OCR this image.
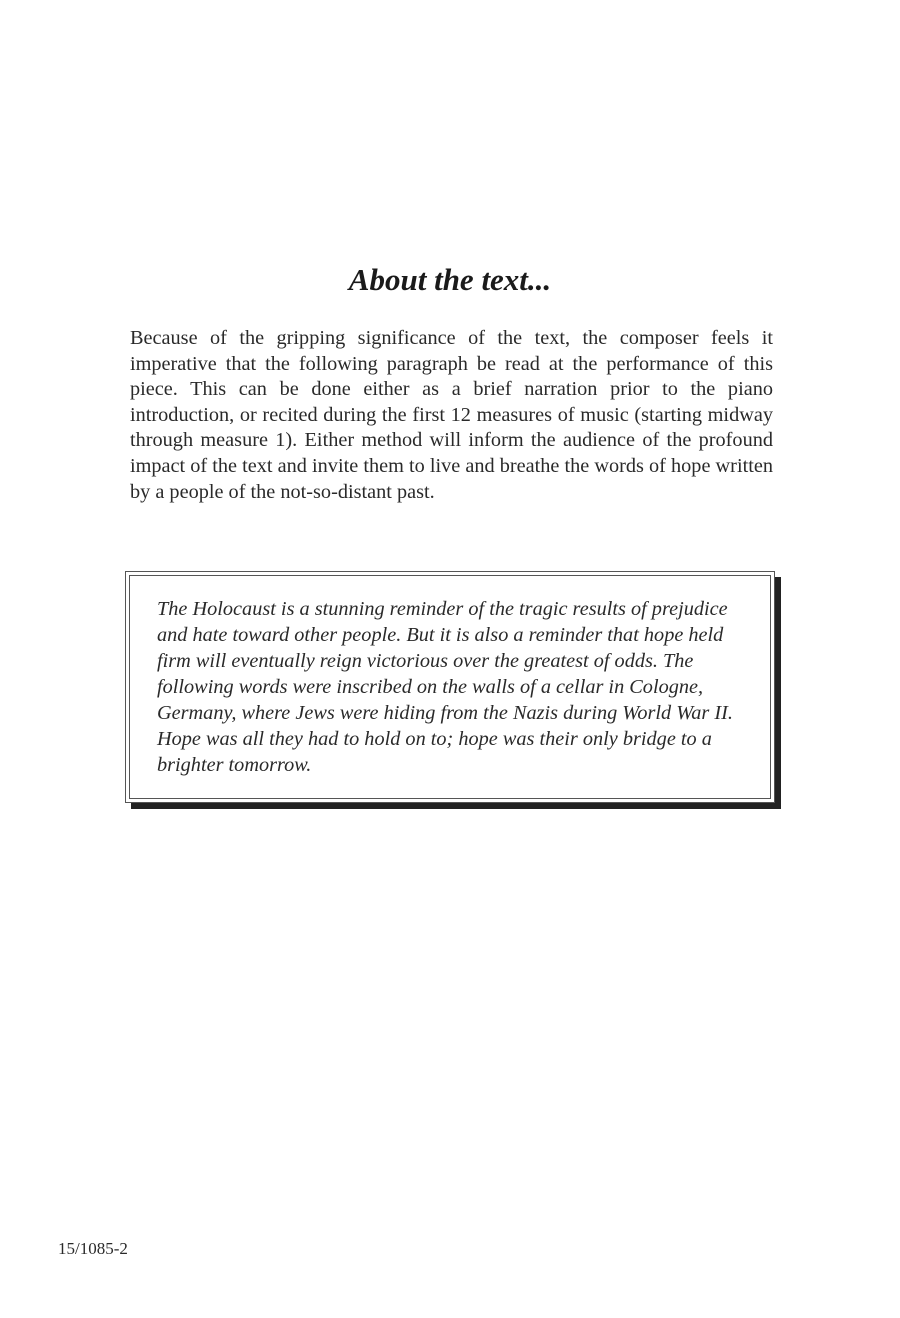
About the text...

Because of the gripping significance of the text, the composer feels it imperative that the following paragraph be read at the performance of this piece. This can be done either as a brief narration prior to the piano introduction, or recited during the first 12 measures of music (starting midway through measure 1). Either method will inform the audience of the profound impact of the text and invite them to live and breathe the words of hope written by a people of the not-so-distant past.

The Holocaust is a stunning reminder of the tragic results of prejudice and hate toward other people. But it is also a reminder that hope held firm will eventually reign victorious over the greatest of odds. The following words were inscribed on the walls of a cellar in Cologne, Germany, where Jews were hiding from the Nazis during World War II. Hope was all they had to hold on to; hope was their only bridge to a brighter tomorrow.

15/1085-2
